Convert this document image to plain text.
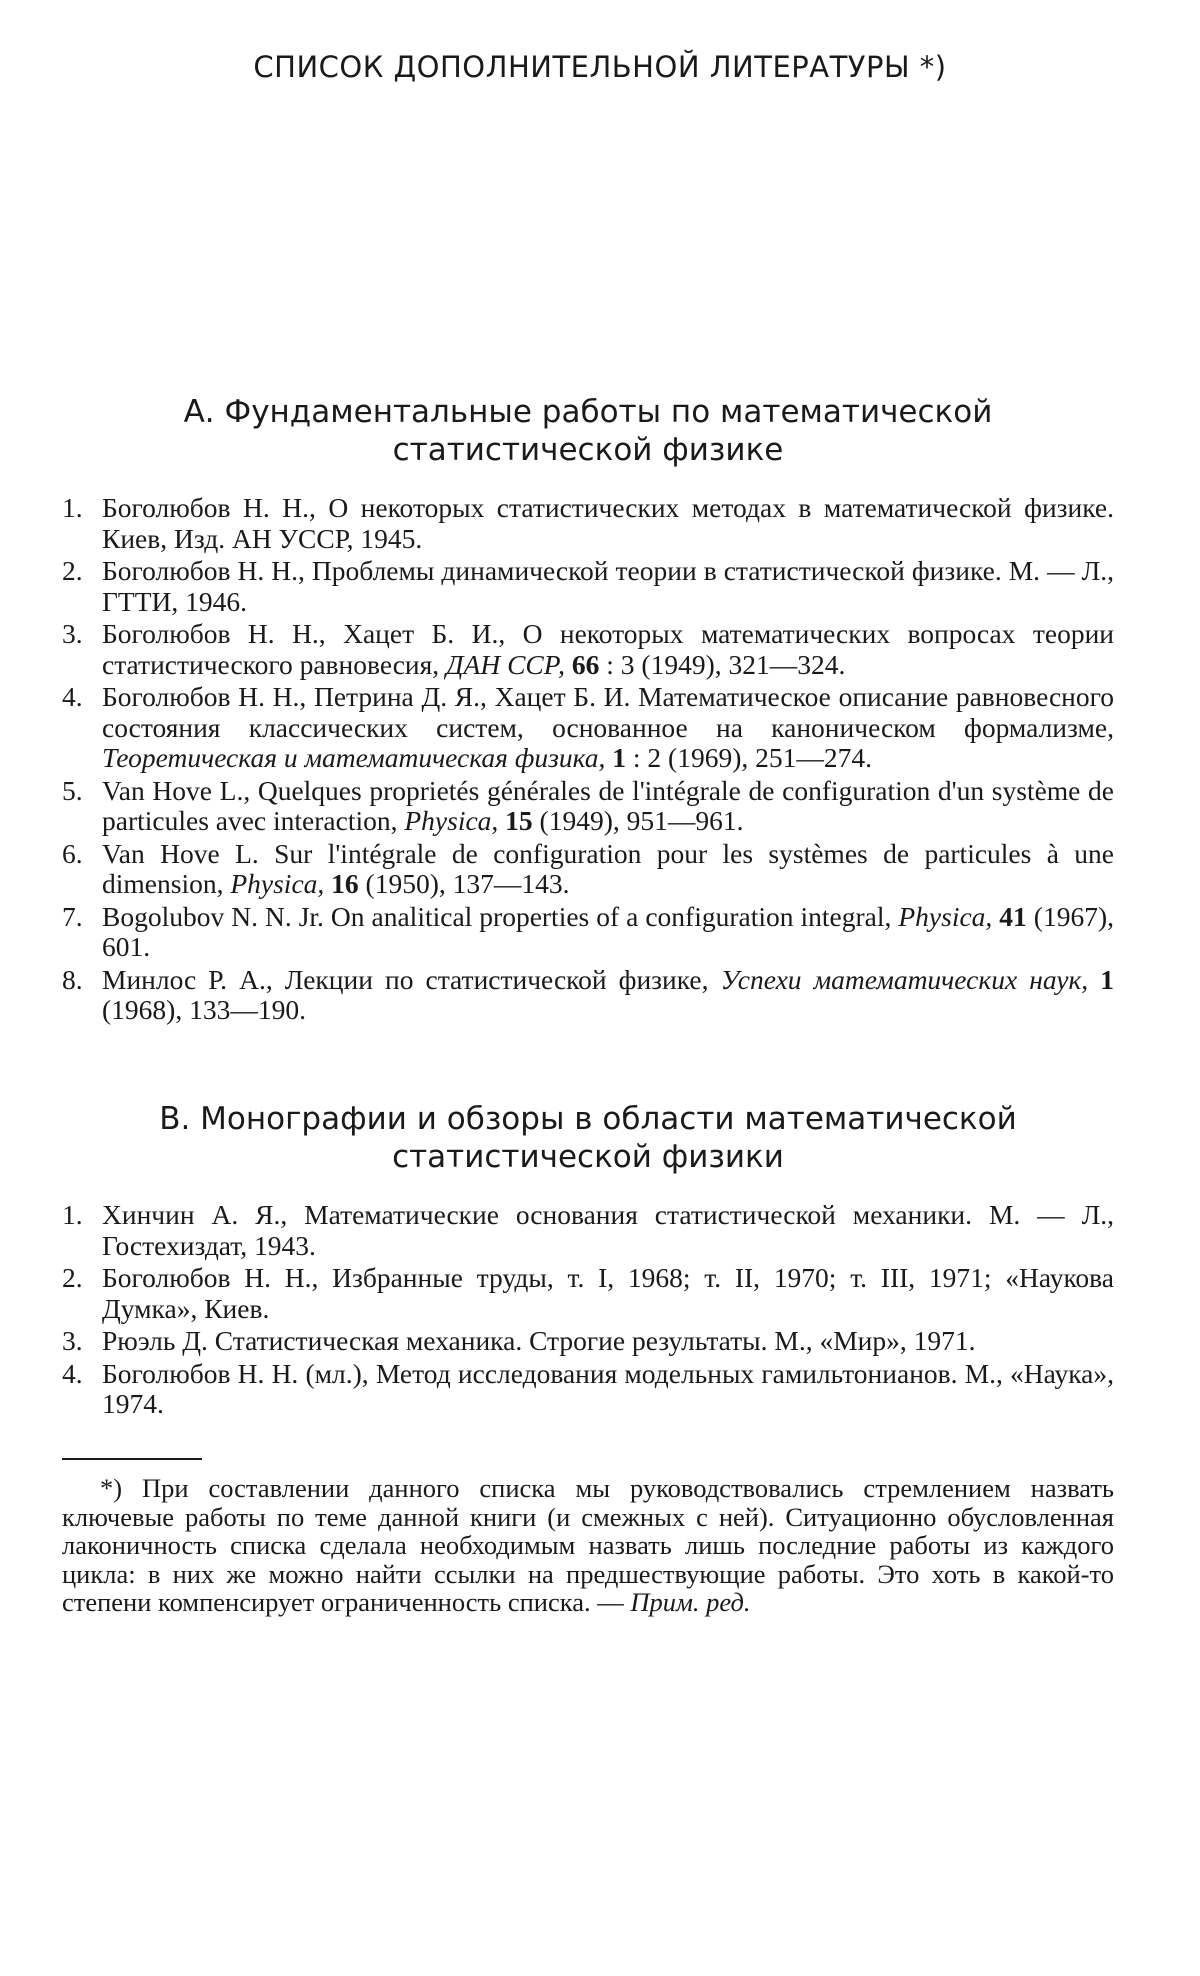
СПИСОК ДОПОЛНИТЕЛЬНОЙ ЛИТЕРАТУРЫ *)
А. Фундаментальные работы по математической
статистической физике
1. Боголюбов Н. Н., О некоторых статистических методах в математической физике. Киев, Изд. АН УССР, 1945.
2. Боголюбов Н. Н., Проблемы динамической теории в статистической физике. М. — Л., ГТТИ, 1946.
3. Боголюбов Н. Н., Хацет Б. И., О некоторых математических вопросах теории статистического равновесия, ДАН ССР, 66 : 3 (1949), 321—324.
4. Боголюбов Н. Н., Петрина Д. Я., Хацет Б. И. Математическое описание равновесного состояния классических систем, основанное на каноническом формализме, Теоретическая и математическая физика, 1 : 2 (1969), 251—274.
5. Van Hove L., Quelques proprietés générales de l'intégrale de configuration d'un système de particules avec interaction, Physica, 15 (1949), 951—961.
6. Van Hove L. Sur l'intégrale de configuration pour les systèmes de particules à une dimension, Physica, 16 (1950), 137—143.
7. Bogolubov N. N. Jr. On analitical properties of a configuration integral, Physica, 41 (1967), 601.
8. Минлос Р. А., Лекции по статистической физике, Успехи математических наук, 1 (1968), 133—190.
B. Монографии и обзоры в области математической
статистической физики
1. Хинчин А. Я., Математические основания статистической механики. М. — Л., Гостехиздат, 1943.
2. Боголюбов Н. Н., Избранные труды, т. I, 1968; т. II, 1970; т. III, 1971; «Наукова Думка», Киев.
3. Рюэль Д. Статистическая механика. Строгие результаты. М., «Мир», 1971.
4. Боголюбов Н. Н. (мл.), Метод исследования модельных гамильтонианов. М., «Наука», 1974.

*) При составлении данного списка мы руководствовались стремлением назвать ключевые работы по теме данной книги (и смежных с ней). Ситуационно обусловленная лаконичность списка сделала необходимым назвать лишь последние работы из каждого цикла: в них же можно найти ссылки на предшествующие работы. Это хоть в какой-то степени компенсирует ограниченность списка. — Прим. ред.
